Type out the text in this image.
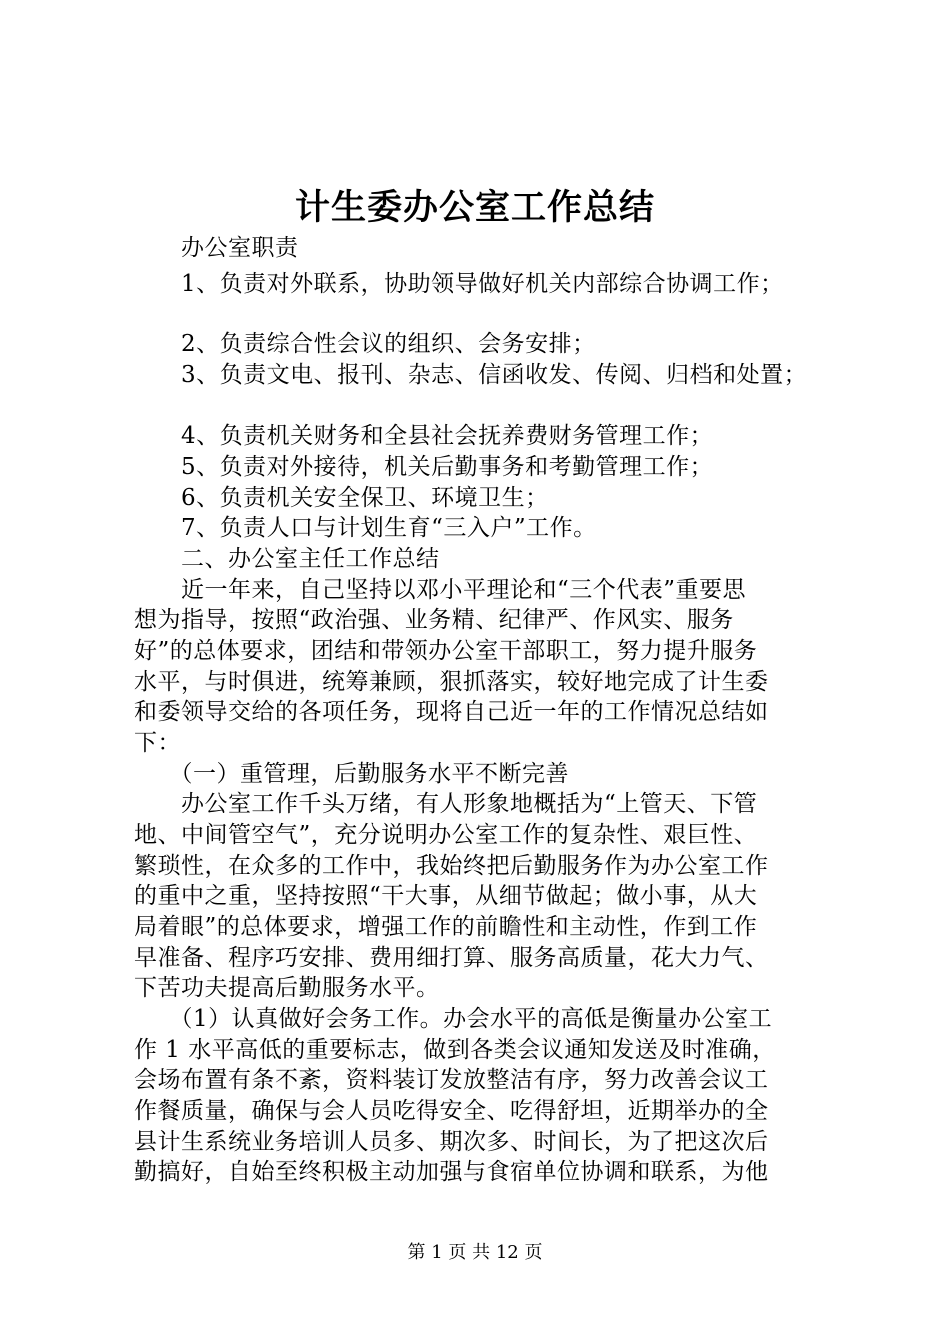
计生委办公室工作总结
　　办公室职责
　　1、负责对外联系，协助领导做好机关内部综合协调工作；
　　2、负责综合性会议的组织、会务安排；
　　3、负责文电、报刊、杂志、信函收发、传阅、归档和处置；
　　4、负责机关财务和全县社会抚养费财务管理工作；
　　5、负责对外接待，机关后勤事务和考勤管理工作；
　　6、负责机关安全保卫、环境卫生；
　　7、负责人口与计划生育“三入户”工作。
　　二、办公室主任工作总结
　　近一年来，自己坚持以邓小平理论和“三个代表”重要思
想为指导，按照“政治强、业务精、纪律严、作风实、服务
好”的总体要求，团结和带领办公室干部职工，努力提升服务
水平，与时俱进，统筹兼顾，狠抓落实，较好地完成了计生委
和委领导交给的各项任务，现将自己近一年的工作情况总结如
下：
　　（一）重管理，后勤服务水平不断完善
　　办公室工作千头万绪，有人形象地概括为“上管天、下管
地、中间管空气”，充分说明办公室工作的复杂性、艰巨性、
繁琐性，在众多的工作中，我始终把后勤服务作为办公室工作
的重中之重，坚持按照“干大事，从细节做起；做小事，从大
局着眼”的总体要求，增强工作的前瞻性和主动性，作到工作
早准备、程序巧安排、费用细打算、服务高质量，花大力气、
下苦功夫提高后勤服务水平。
　　（1）认真做好会务工作。办会水平的高低是衡量办公室工
作 1 水平高低的重要标志，做到各类会议通知发送及时准确，
会场布置有条不紊，资料装订发放整洁有序，努力改善会议工
作餐质量，确保与会人员吃得安全、吃得舒坦，近期举办的全
县计生系统业务培训人员多、期次多、时间长，为了把这次后
勤搞好，自始至终积极主动加强与食宿单位协调和联系，为他
第 1 页 共 12 页
